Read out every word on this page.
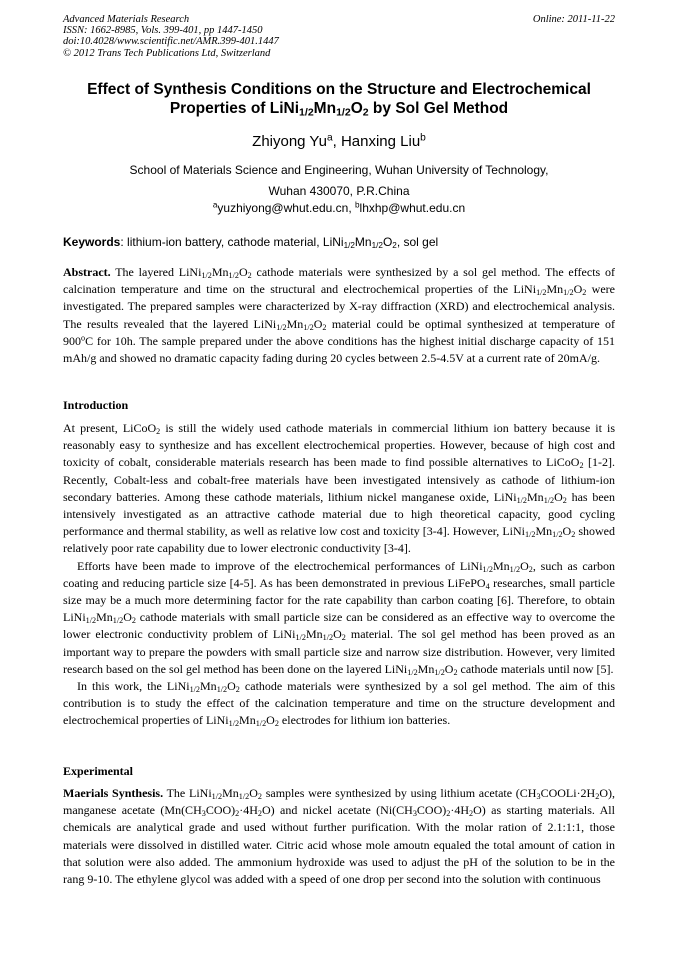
Advanced Materials Research
ISSN: 1662-8985, Vols. 399-401, pp 1447-1450
doi:10.4028/www.scientific.net/AMR.399-401.1447
© 2012 Trans Tech Publications Ltd, Switzerland
Online: 2011-11-22
Effect of Synthesis Conditions on the Structure and Electrochemical
Properties of $LiNi_{1/2}Mn_{1/2}O_2$ by Sol Gel Method
Zhiyong Yu$^a$, Hanxing Liu$^b$
School of Materials Science and Engineering, Wuhan University of Technology,
Wuhan 430070, P.R.China
$^a$yuzhiyong@whut.edu.cn, $^b$lhxhp@whut.edu.cn
Keywords: lithium-ion battery, cathode material, $LiNi_{1/2}Mn_{1/2}O_2$, sol gel

Abstract. The layered $LiNi_{1/2}Mn_{1/2}O_2$ cathode materials were synthesized by a sol gel method. The effects of calcination temperature and time on the structural and electrochemical properties of the $LiNi_{1/2}Mn_{1/2}O_2$ were investigated. The prepared samples were characterized by X-ray diffraction (XRD) and electrochemical analysis. The results revealed that the layered $LiNi_{1/2}Mn_{1/2}O_2$ material could be optimal synthesized at temperature of 900$^o$C for 10h. The sample prepared under the above conditions has the highest initial discharge capacity of 151 mAh/g and showed no dramatic capacity fading during 20 cycles between 2.5-4.5V at a current rate of 20mA/g.

Introduction

At present, LiCoO$_2$ is still the widely used cathode materials in commercial lithium ion battery because it is reasonably easy to synthesize and has excellent electrochemical properties. However, because of high cost and toxicity of cobalt, considerable materials research has been made to find possible alternatives to LiCoO$_2$ [1-2]. Recently, Cobalt-less and cobalt-free materials have been investigated intensively as cathode of lithium-ion secondary batteries. Among these cathode materials, lithium nickel manganese oxide, $LiNi_{1/2}Mn_{1/2}O_2$ has been intensively investigated as an attractive cathode material due to high theoretical capacity, good cycling performance and thermal stability, as well as relative low cost and toxicity [3-4]. However, $LiNi_{1/2}Mn_{1/2}O_2$ showed relatively poor rate capability due to lower electronic conductivity [3-4].

Efforts have been made to improve of the electrochemical performances of $LiNi_{1/2}Mn_{1/2}O_2$, such as carbon coating and reducing particle size [4-5]. As has been demonstrated in previous LiFePO$_4$ researches, small particle size may be a much more determining factor for the rate capability than carbon coating [6]. Therefore, to obtain $LiNi_{1/2}Mn_{1/2}O_2$ cathode materials with small particle size can be considered as an effective way to overcome the lower electronic conductivity problem of $LiNi_{1/2}Mn_{1/2}O_2$ material. The sol gel method has been proved as an important way to prepare the powders with small particle size and narrow size distribution. However, very limited research based on the sol gel method has been done on the layered $LiNi_{1/2}Mn_{1/2}O_2$ cathode materials until now [5].

In this work, the $LiNi_{1/2}Mn_{1/2}O_2$ cathode materials were synthesized by a sol gel method. The aim of this contribution is to study the effect of the calcination temperature and time on the structure development and electrochemical properties of $LiNi_{1/2}Mn_{1/2}O_2$ electrodes for lithium ion batteries.

Experimental

Maerials Synthesis. The $LiNi_{1/2}Mn_{1/2}O_2$ samples were synthesized by using lithium acetate $(CH_3COOLi\cdot 2H_2O)$, manganese acetate $(Mn(CH_3COO)_2\cdot 4H_2O)$ and nickel acetate $(Ni(CH_3COO)_2\cdot 4H_2O)$ as starting materials. All chemicals are analytical grade and used without further purification. With the molar ration of 2.1:1:1, those materials were dissolved in distilled water. Citric acid whose mole amoutn equaled the total amount of cation in that solution were also added. The ammonium hydroxide was used to adjust the pH of the solution to be in the rang 9-10. The ethylene glycol was added with a speed of one drop per second into the solution with continuous
